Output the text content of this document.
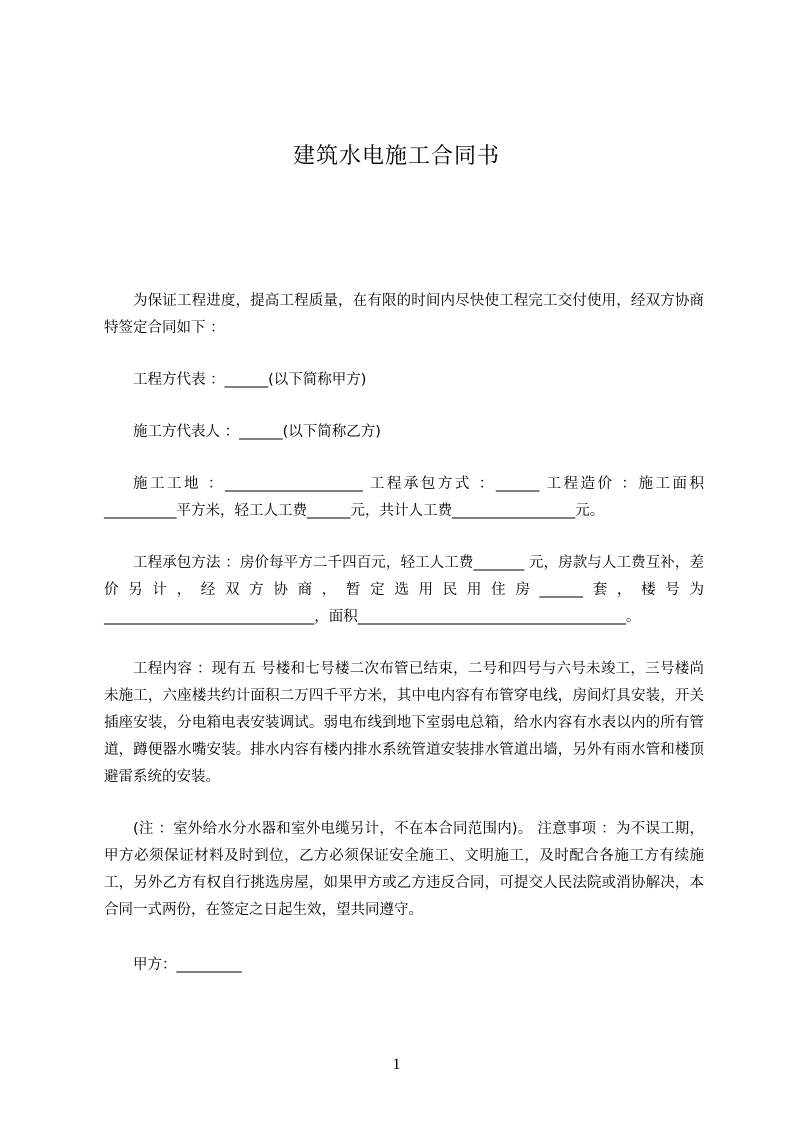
建筑水电施工合同书

为保证工程进度，提高工程质量，在有限的时间内尽快使工程完工交付使用，经双方协商特签定合同如下 ：

工程方代表 ：______(以下简称甲方)

施工方代表人 ：______(以下简称乙方)

施工工地 ：___________________ 工程承包方式 ：______ 工程造价 ：施工面积__________平方米，轻工人工费______元，共计人工费_________________元。

工程承包方法 ：房价每平方二千四百元，轻工人工费_______ 元，房款与人工费互补，差价另计，经双方协商，暂定选用民用住房______套，楼号为_____________________________，面积_____________________________________。

工程内容 ：现有五 号楼和七号楼二次布管已结束，二号和四号与六号未竣工，三号楼尚未施工，六座楼共约计面积二万四千平方米，其中电内容有布管穿电线，房间灯具安装，开关插座安装，分电箱电表安装调试。弱电布线到地下室弱电总箱，给水内容有水表以内的所有管道，蹲便器水嘴安装。排水内容有楼内排水系统管道安装排水管道出墙，另外有雨水管和楼顶避雷系统的安装。

(注 ：室外给水分水器和室外电缆另计，不在本合同范围内)。 注意事项 ：为不误工期，甲方必须保证材料及时到位，乙方必须保证安全施工、文明施工，及时配合各施工方有续施工，另外乙方有权自行挑选房屋，如果甲方或乙方违反合同，可提交人民法院或消协解决，本合同一式两份，在签定之日起生效，望共同遵守。

甲方：_________

1
